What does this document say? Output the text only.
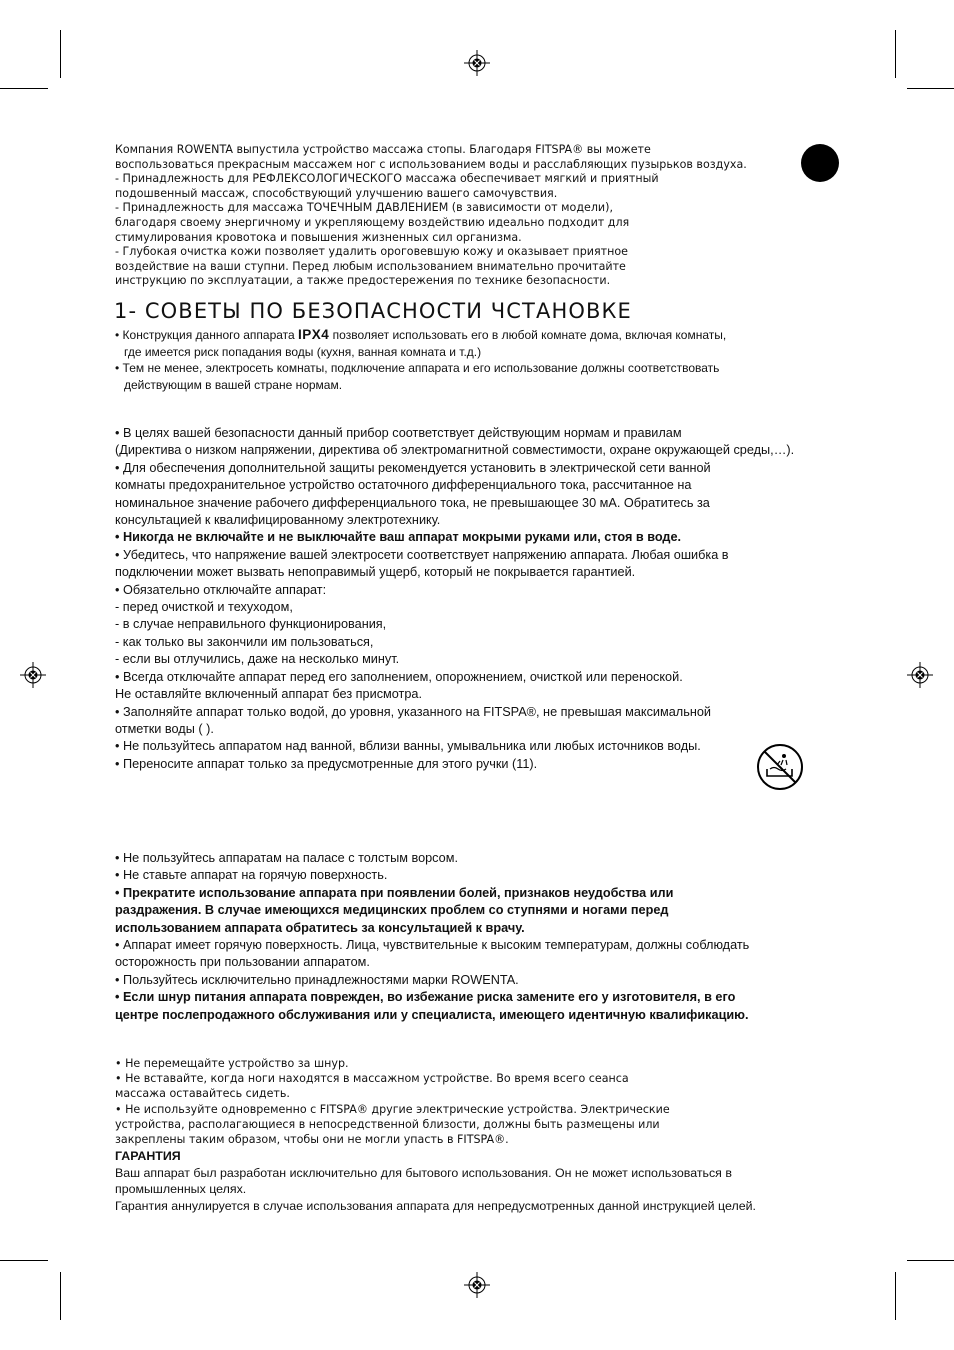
Компания ROWENTA выпустила устройство массажа стопы. Благодаря FITSPA® вы можете

воспользоваться прекрасным массажем ног с использованием воды и расслабляющих пузырьков воздуха.

- Принадлежность для РЕФЛЕКСОЛОГИЧЕСКОГО массажа обеспечивает мягкий и приятный

подошвенный массаж, способствующий улучшению вашего самочувствия.

- Принадлежность для массажа ТОЧЕЧНЫМ ДАВЛЕНИЕМ (в зависимости от модели),

благодаря своему энергичному и укрепляющему воздействию идеально подходит для

стимулирования кровотока и повышения жизненных сил организма.

- Глубокая очистка кожи позволяет удалить ороговевшую кожу и оказывает приятное

воздействие на ваши ступни. Перед любым использованием внимательно прочитайте

инструкцию по эксплуатации, а также предостережения по технике безопасности.

1- СОВЕТЫ ПО БЕЗОПАСНОСТИ ЧСТАНОВКЕ

• Конструкция данного аппарата IPX4 позволяет использовать его в любой комнате дома, включая комнаты,

где имеется риск попадания воды (кухня, ванная комната и т.д.)

• Тем не менее, электросеть комнаты, подключение аппарата и его использование должны соответствовать

действующим в вашей стране нормам.

• В целях вашей безопасности данный прибор соответствует действующим нормам и правилам

(Директива о низком напряжении, директива об электромагнитной совместимости, охране окружающей среды,…).

• Для обеспечения дополнительной защиты рекомендуется установить в электрической сети ванной

комнаты предохранительное устройство остаточного дифференциального тока, рассчитанное на

номинальное значение рабочего дифференциального тока, не превышающее 30 мА. Обратитесь за

консультацией к квалифицированному электротехнику.

• Никогда не включайте и не выключайте ваш аппарат мокрыми руками или, стоя в воде.

• Убедитесь, что напряжение вашей электросети соответствует напряжению аппарата. Любая ошибка в

подключении может вызвать непоправимый ущерб, который не покрывается гарантией.

• Обязательно отключайте аппарат:

- перед очисткой и техуходом,

- в случае неправильного функционирования,

- как только вы закончили им пользоваться,

- если вы отлучились, даже на несколько минут.

• Всегда отключайте аппарат перед его заполнением, опорожнением, очисткой или переноской.

Не оставляйте включенный аппарат без присмотра.

• Заполняйте аппарат только водой, до уровня, указанного на FITSPA®, не превышая максимальной

отметки воды ( ).

• Не пользуйтесь аппаратом над ванной, вблизи ванны, умывальника или любых источников воды.

• Переносите аппарат только за предусмотренные для этого ручки (11).

• Не пользуйтесь аппаратам на паласе с толстым ворсом.

• Не ставьте аппарат на горячую поверхность.

• Прекратите использование аппарата при появлении болей, признаков неудобства или

раздражения. В случае имеющихся медицинских проблем со ступнями и ногами перед

использованием аппарата обратитесь за консультацией к врачу.

• Аппарат имеет горячую поверхность. Лица, чувствительные к высоким температурам, должны соблюдать

осторожность при пользовании аппаратом.

• Пользуйтесь исключительно принадлежностями марки ROWENTA.

• Если шнур питания аппарата поврежден, во избежание риска замените его у изготовителя, в его

центре послепродажного обслуживания или у специалиста, имеющего идентичную квалификацию.

• Не перемещайте устройство за шнур.

• Не вставайте, когда ноги находятся в массажном устройстве. Во время всего сеанса

массажа оставайтесь сидеть.

• Не используйте одновременно с FITSPA® другие электрические устройства. Электрические

устройства, располагающиеся в непосредственной близости, должны быть размещены или

закреплены таким образом, чтобы они не могли упасть в FITSPA®.

ГАРАНТИЯ

Ваш аппарат был разработан исключительно для бытового использования. Он не может использоваться в

промышленных целях.

Гарантия аннулируется в случае использования аппарата для непредусмотренных данной инструкцией целей.
